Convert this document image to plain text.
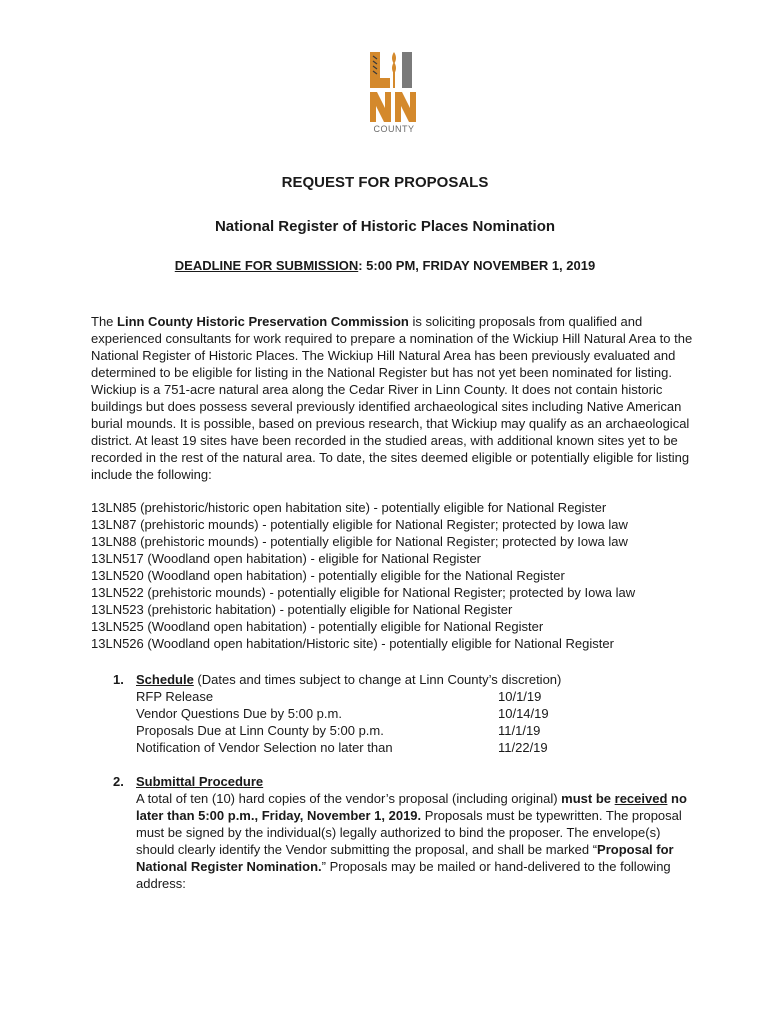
COUNTY
REQUEST FOR PROPOSALS
National Register of Historic Places Nomination
DEADLINE FOR SUBMISSION: 5:00 PM, FRIDAY NOVEMBER 1, 2019

The Linn County Historic Preservation Commission is soliciting proposals from qualified and experienced consultants for work required to prepare a nomination of the Wickiup Hill Natural Area to the National Register of Historic Places. The Wickiup Hill Natural Area has been previously evaluated and determined to be eligible for listing in the National Register but has not yet been nominated for listing. Wickiup is a 751-acre natural area along the Cedar River in Linn County. It does not contain historic buildings but does possess several previously identified archaeological sites including Native American burial mounds. It is possible, based on previous research, that Wickiup may qualify as an archaeological district. At least 19 sites have been recorded in the studied areas, with additional known sites yet to be recorded in the rest of the natural area. To date, the sites deemed eligible or potentially eligible for listing include the following:

13LN85 (prehistoric/historic open habitation site) - potentially eligible for National Register
13LN87 (prehistoric mounds) - potentially eligible for National Register; protected by Iowa law
13LN88 (prehistoric mounds) - potentially eligible for National Register; protected by Iowa law
13LN517 (Woodland open habitation) - eligible for National Register
13LN520 (Woodland open habitation) - potentially eligible for the National Register
13LN522 (prehistoric mounds) - potentially eligible for National Register; protected by Iowa law
13LN523 (prehistoric habitation) - potentially eligible for National Register
13LN525 (Woodland open habitation) - potentially eligible for National Register
13LN526 (Woodland open habitation/Historic site) - potentially eligible for National Register
1. Schedule (Dates and times subject to change at Linn County’s discretion)
RFP Release	10/1/19
Vendor Questions Due by 5:00 p.m.	10/14/19
Proposals Due at Linn County by 5:00 p.m.	11/1/19
Notification of Vendor Selection no later than	11/22/19
2. Submittal Procedure
A total of ten (10) hard copies of the vendor’s proposal (including original) must be received no later than 5:00 p.m., Friday, November 1, 2019. Proposals must be typewritten. The proposal must be signed by the individual(s) legally authorized to bind the proposer. The envelope(s) should clearly identify the Vendor submitting the proposal, and shall be marked “Proposal for National Register Nomination.” Proposals may be mailed or hand-delivered to the following address:
